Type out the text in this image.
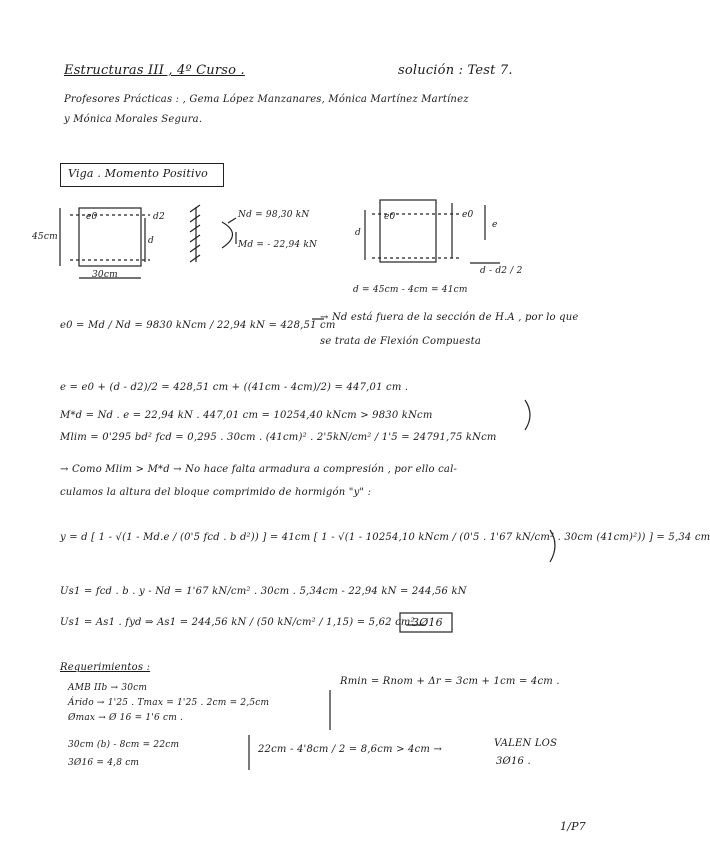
Estructuras III , 4º Curso .	solución : Test 7.
Profesores Prácticas : , Gema López Manzanares, Mónica Martínez Martínez
y Mónica Morales Segura.
Viga . Momento Positivo
e0	d2
d
45cm
30cm
Nd = 98,30 kN
Md = - 22,94 kN
e0	e0
e
d
d - d2 / 2
d = 45cm - 4cm = 41cm
e0 = Md / Nd = 9830 kNcm / 22,94 kN = 428,51 cm
→ Nd está fuera de la sección de H.A , por lo que
se trata de Flexión Compuesta
e = e0 + (d - d2)/2 = 428,51 cm + ((41cm - 4cm)/2) = 447,01 cm .
M*d = Nd . e = 22,94 kN . 447,01 cm = 10254,40 kNcm > 9830 kNcm
Mlim = 0'295 bd² fcd = 0,295 . 30cm . (41cm)² . 2'5kN/cm² / 1'5 = 24791,75 kNcm
→ Como Mlim > M*d → No hace falta armadura a compresión , por ello cal-
culamos la altura del bloque comprimido de hormigón "y" :
y = d [ 1 - √(1 - Md.e / (0'5 fcd . b d²)) ] = 41cm [ 1 - √(1 - 10254,10 kNcm / (0'5 . 1'67 kN/cm² . 30cm (41cm)²)) ] = 5,34 cm
Us1 = fcd . b . y - Nd = 1'67 kN/cm² . 30cm . 5,34cm - 22,94 kN = 244,56 kN
Us1 = As1 . fyd ⇒ As1 = 244,56 kN / (50 kN/cm² / 1,15) = 5,62 cm²
3Ø16
Requerimientos :
AMB IIb → 30cm
Árido → 1'25 . Tmax = 1'25 . 2cm = 2,5cm
Ømax → Ø 16 = 1'6 cm .
Rmin = Rnom + Δr = 3cm + 1cm = 4cm .
30cm (b) - 8cm = 22cm
3Ø16 = 4,8 cm
22cm - 4'8cm / 2 = 8,6cm > 4cm →
VALEN LOS
3Ø16 .
1/P7
